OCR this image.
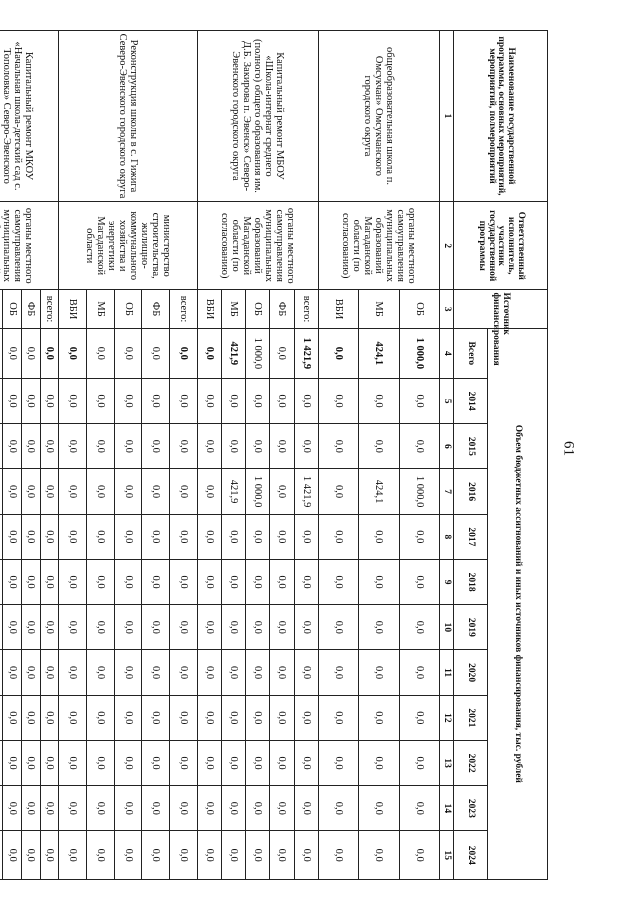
61
Наименование государственной программы, основных мероприятий, мероприятий, полмероприятий	Ответственный исполнитель, участник государственной программы	Источник финансирования	Объем бюджетных ассигнований и иных источников финансирования, тыс. рублей											
			Всего	2014	2015	2016	2017	2018	2019	2020	2021	2022	2023	2024
1	2	3	4	5	6	7	8	9	10	11	12	13	14	15
общеобразовательная школа п. Омсукчан» Омсукчанского городского округа	органы местного самоуправления муниципальных образований Магаданской области (по согласованию)	ОБ	1 000,0	0,0	0,0	1 000,0	0,0	0,0	0,0	0,0	0,0	0,0	0,0	0,0
		МБ	424,1	0,0	0,0	424,1	0,0	0,0	0,0	0,0	0,0	0,0	0,0	0,0
		ВБИ	0,0	0,0	0,0	0,0	0,0	0,0	0,0	0,0	0,0	0,0	0,0	0,0
Капитальный ремонт МБОУ «Школа-интернат среднего (полного) общего образования им. Д.Б. Закирова п. Эвенск» Северо-Эвенского городского округа	органы местного самоуправления муниципальных образований Магаданской области (по согласованию)	всего:	1 421,9	0,0	0,0	1 421,9	0,0	0,0	0,0	0,0	0,0	0,0	0,0	0,0
		ФБ	0,0	0,0	0,0	0,0	0,0	0,0	0,0	0,0	0,0	0,0	0,0	0,0
		ОБ	1 000,0	0,0	0,0	1 000,0	0,0	0,0	0,0	0,0	0,0	0,0	0,0	0,0
		МБ	421,9	0,0	0,0	421,9	0,0	0,0	0,0	0,0	0,0	0,0	0,0	0,0
		ВБИ	0,0	0,0	0,0	0,0	0,0	0,0	0,0	0,0	0,0	0,0	0,0	0,0
Реконструкция школы в с. Гижига Северо-Эвенского городского округа	министерство строительства, жилищно-коммунального хозяйства и энергетики Магаданской области	всего:	0,0	0,0	0,0	0,0	0,0	0,0	0,0	0,0	0,0	0,0	0,0	0,0
		ФБ	0,0	0,0	0,0	0,0	0,0	0,0	0,0	0,0	0,0	0,0	0,0	0,0
		ОБ	0,0	0,0	0,0	0,0	0,0	0,0	0,0	0,0	0,0	0,0	0,0	0,0
		МБ	0,0	0,0	0,0	0,0	0,0	0,0	0,0	0,0	0,0	0,0	0,0	0,0
		ВБИ	0,0	0,0	0,0	0,0	0,0	0,0	0,0	0,0	0,0	0,0	0,0	0,0
Капитальный ремонт МКОУ «Начальная школа-детский сад с. Тополовка» Северо-Эвенского	органы местного самоуправления муниципальных	всего:	0,0	0,0	0,0	0,0	0,0	0,0	0,0	0,0	0,0	0,0	0,0	0,0
		ФБ	0,0	0,0	0,0	0,0	0,0	0,0	0,0	0,0	0,0	0,0	0,0	0,0
		ОБ	0,0	0,0	0,0	0,0	0,0	0,0	0,0	0,0	0,0	0,0	0,0	0,0
